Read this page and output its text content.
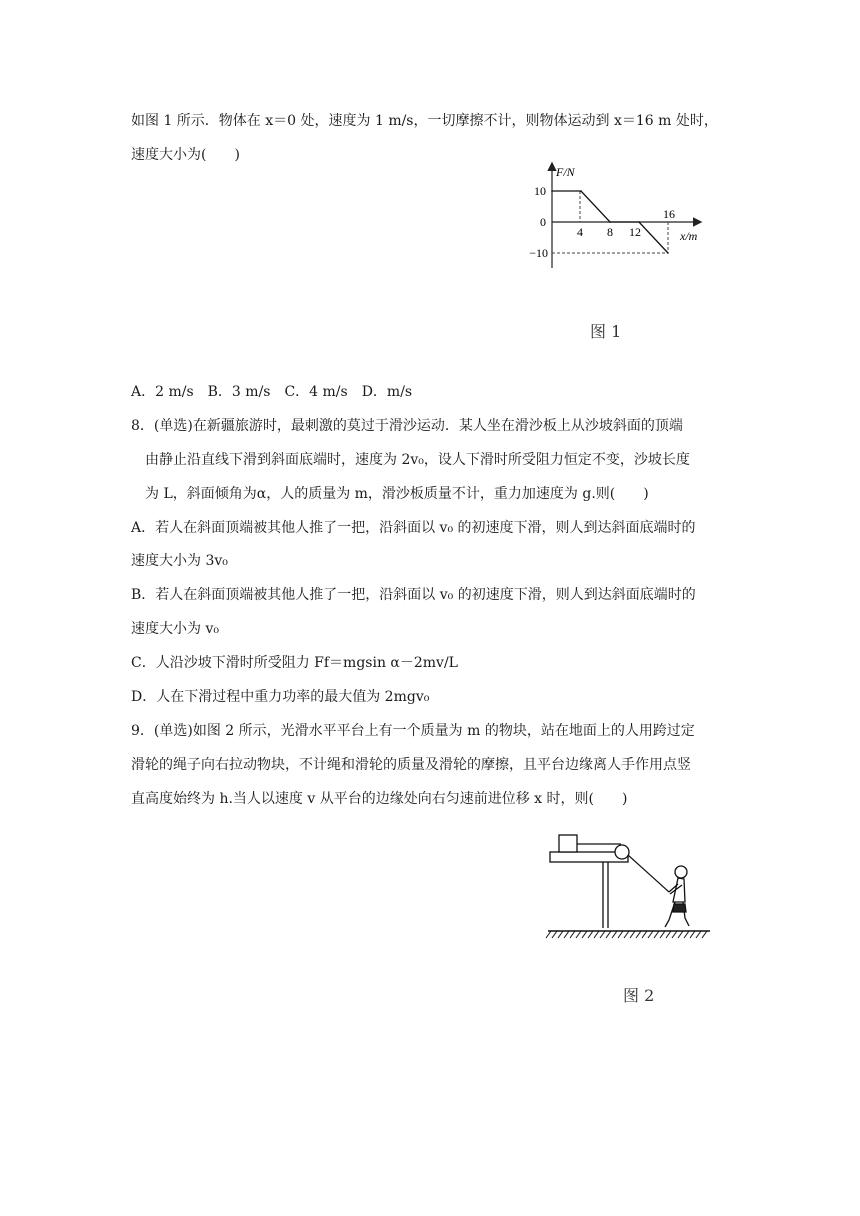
如图 1 所示．物体在 x＝0 处，速度为 1 m/s，一切摩擦不计，则物体运动到 x＝16 m 处时，
速度大小为(　　)
10
0
−10
4 8 12
16
F/N
x/m
图 1
A．2 m/s　B．3 m/s　C．4 m/s　D．m/s
8．(单选)在新疆旅游时，最刺激的莫过于滑沙运动．某人坐在滑沙板上从沙坡斜面的顶端
由静止沿直线下滑到斜面底端时，速度为 2v₀，设人下滑时所受阻力恒定不变，沙坡长度
为 L，斜面倾角为α，人的质量为 m，滑沙板质量不计，重力加速度为 g.则(　　)
A．若人在斜面顶端被其他人推了一把，沿斜面以 v₀ 的初速度下滑，则人到达斜面底端时的
速度大小为 3v₀
B．若人在斜面顶端被其他人推了一把，沿斜面以 v₀ 的初速度下滑，则人到达斜面底端时的
速度大小为 v₀
C．人沿沙坡下滑时所受阻力 Ff＝mgsin α－2mv/L
D．人在下滑过程中重力功率的最大值为 2mgv₀
9．(单选)如图 2 所示，光滑水平平台上有一个质量为 m 的物块，站在地面上的人用跨过定
滑轮的绳子向右拉动物块，不计绳和滑轮的质量及滑轮的摩擦，且平台边缘离人手作用点竖
直高度始终为 h.当人以速度 v 从平台的边缘处向右匀速前进位移 x 时，则(　　)
图 2
